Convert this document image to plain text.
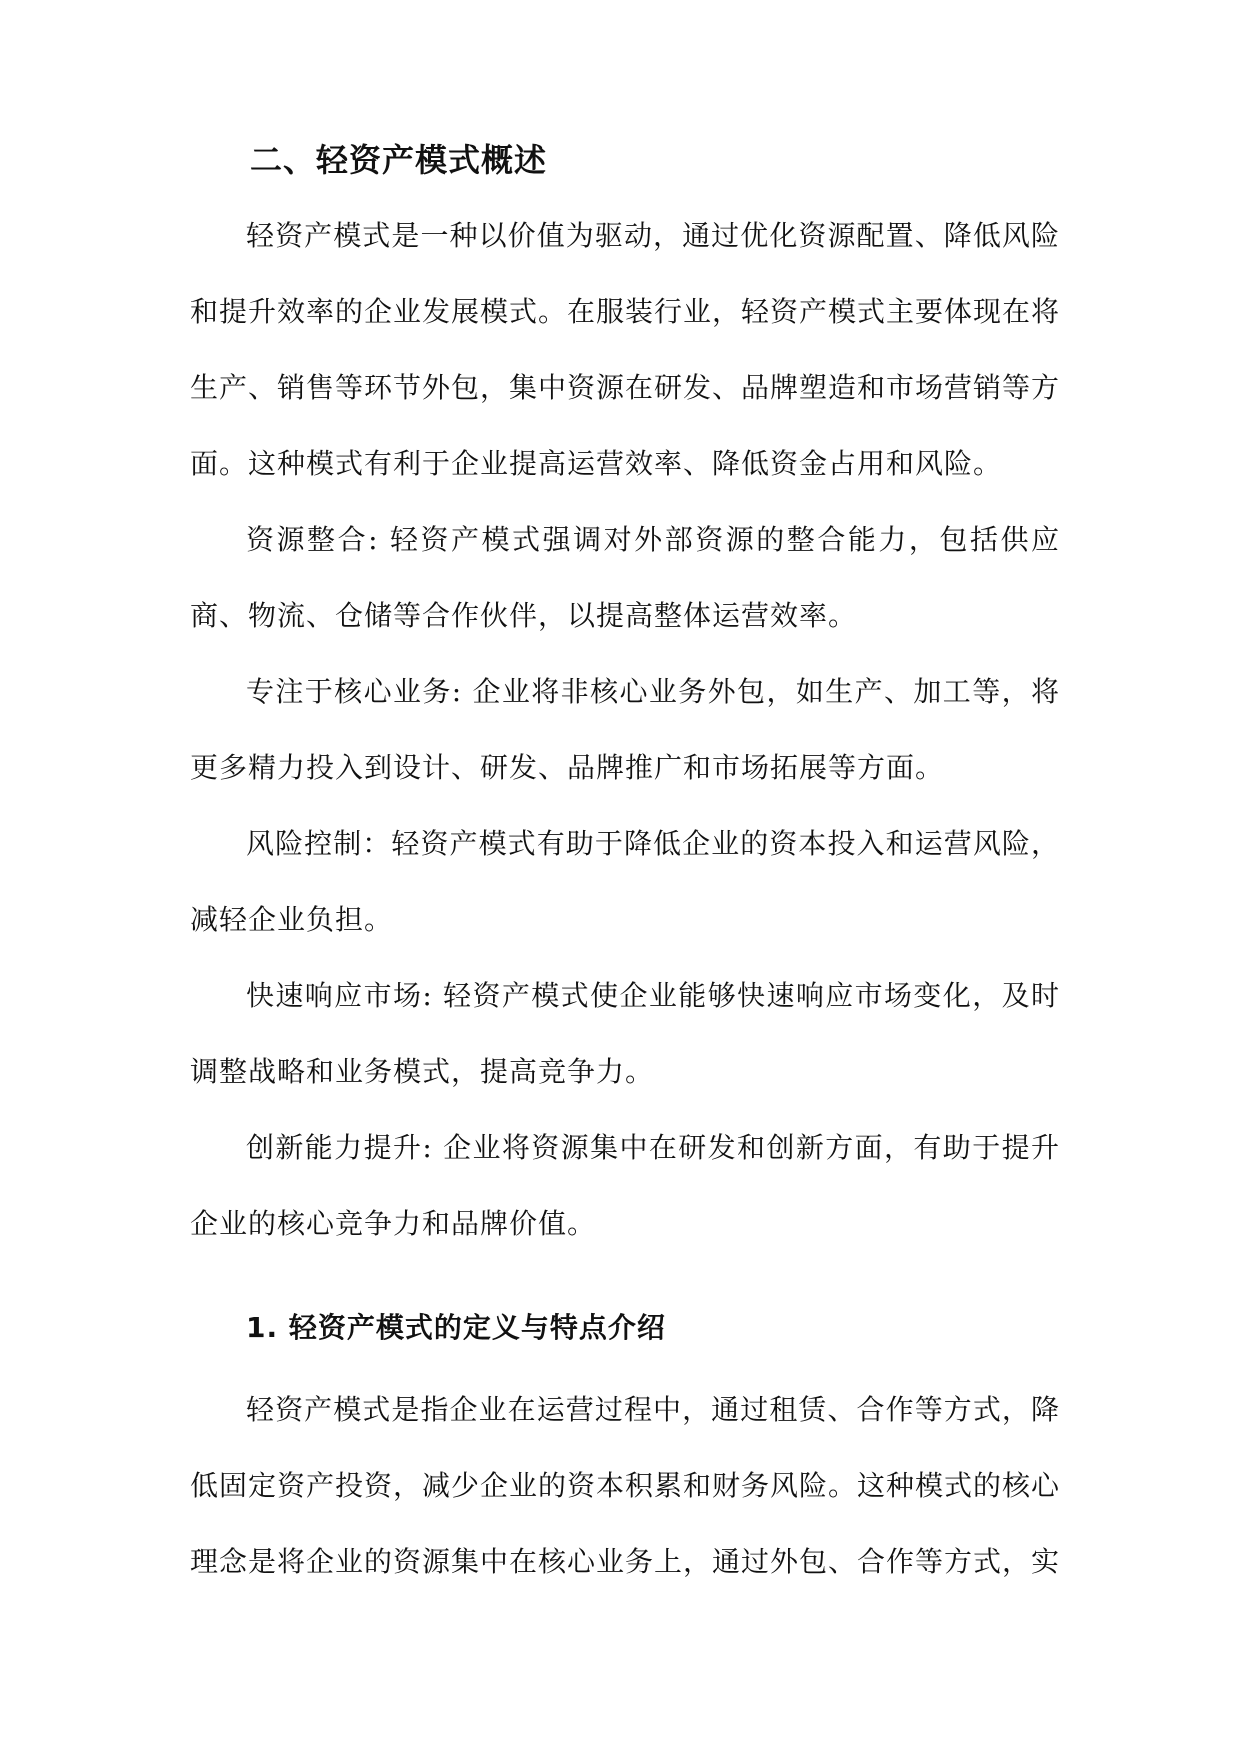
二、轻资产模式概述

轻资产模式是一种以价值为驱动，通过优化资源配置、降低风险和提升效率的企业发展模式。在服装行业，轻资产模式主要体现在将生产、销售等环节外包，集中资源在研发、品牌塑造和市场营销等方面。这种模式有利于企业提高运营效率、降低资金占用和风险。

资源整合: 轻资产模式强调对外部资源的整合能力，包括供应商、物流、仓储等合作伙伴，以提高整体运营效率。

专注于核心业务: 企业将非核心业务外包，如生产、加工等，将更多精力投入到设计、研发、品牌推广和市场拓展等方面。

风险控制：轻资产模式有助于降低企业的资本投入和运营风险，减轻企业负担。

快速响应市场: 轻资产模式使企业能够快速响应市场变化，及时调整战略和业务模式，提高竞争力。

创新能力提升: 企业将资源集中在研发和创新方面，有助于提升企业的核心竞争力和品牌价值。

1. 轻资产模式的定义与特点介绍

轻资产模式是指企业在运营过程中，通过租赁、合作等方式，降低固定资产投资，减少企业的资本积累和财务风险。这种模式的核心理念是将企业的资源集中在核心业务上，通过外包、合作等方式，实
